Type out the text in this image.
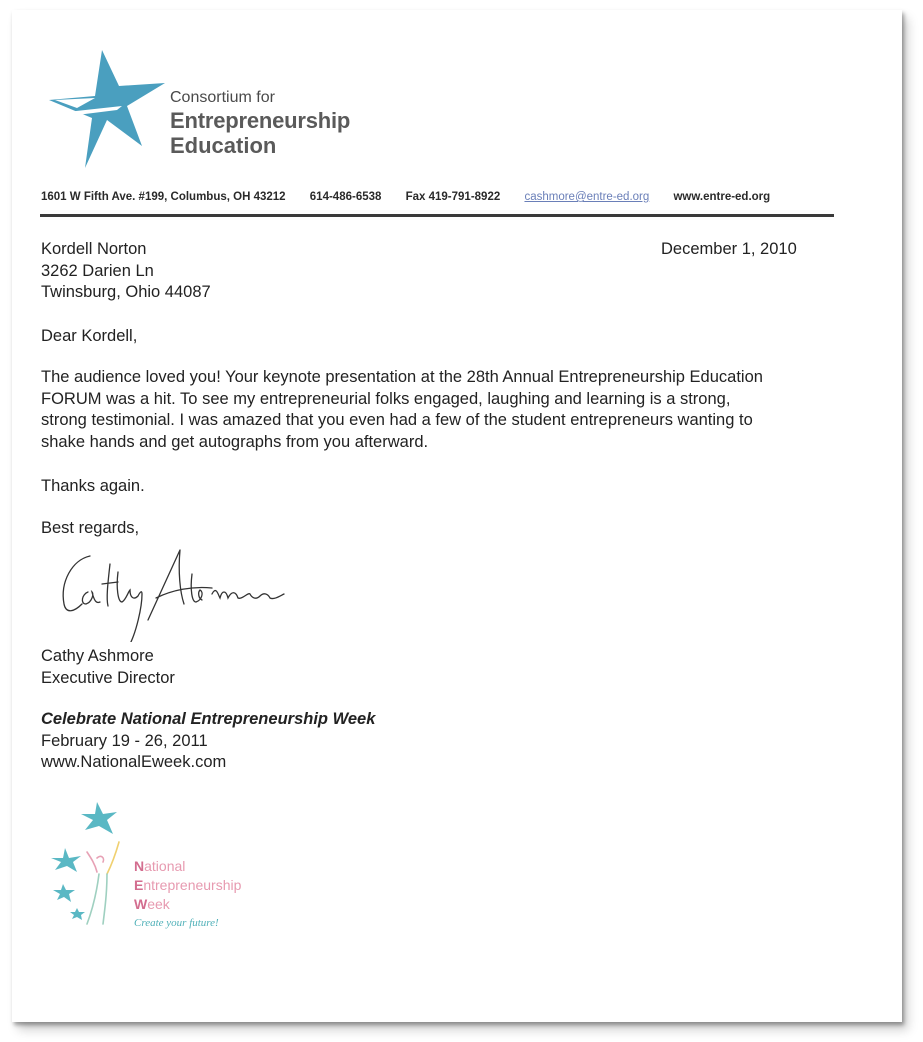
Consortium for
Entrepreneurship
Education
1601 W Fifth Ave. #199, Columbus, OH 43212 614-486-6538 Fax 419-791-8922 cashmore@entre-ed.org www.entre-ed.org
Kordell Norton
3262 Darien Ln
Twinsburg, Ohio 44087
December 1, 2010
Dear Kordell,
The audience loved you! Your keynote presentation at the 28th Annual Entrepreneurship Education
FORUM was a hit. To see my entrepreneurial folks engaged, laughing and learning is a strong,
strong testimonial. I was amazed that you even had a few of the student entrepreneurs wanting to
shake hands and get autographs from you afterward.
Thanks again.
Best regards,
Cathy Ashmore
Executive Director
Celebrate National Entrepreneurship Week
February 19 - 26, 2011
www.NationalEweek.com
National
Entrepreneurship
Week
Create your future!
